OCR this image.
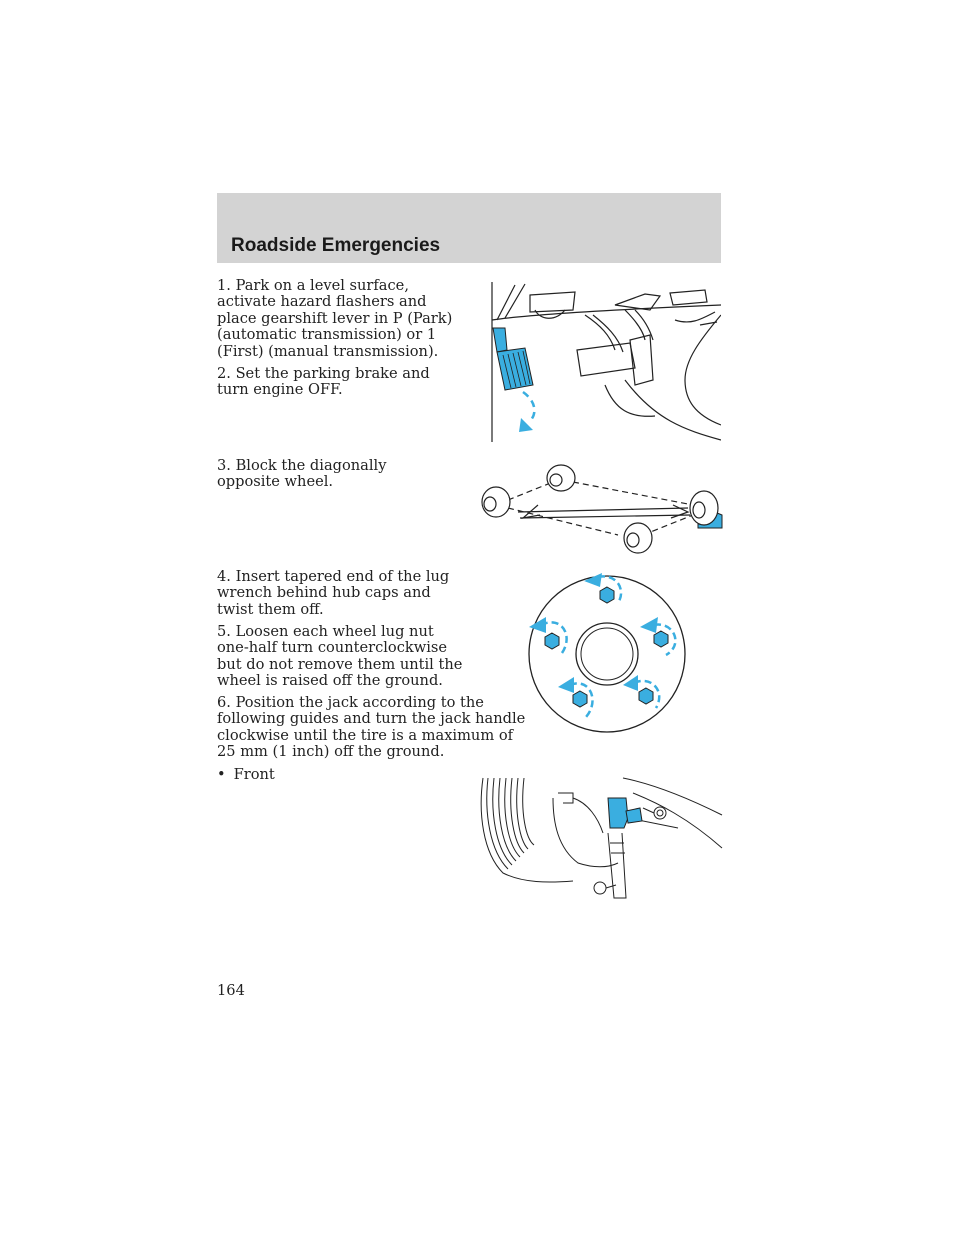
Roadside Emergencies

1. Park on a level surface, activate hazard flashers and place gearshift lever in P (Park) (automatic transmission) or 1 (First) (manual transmission).

2. Set the parking brake and turn engine OFF.

3. Block the diagonally opposite wheel.

4. Insert tapered end of the lug wrench behind hub caps and twist them off.

5. Loosen each wheel lug nut one-half turn counterclockwise but do not remove them until the wheel is raised off the ground.

6. Position the jack according to the following guides and turn the jack handle clockwise until the tire is a maximum of 25 mm (1 inch) off the ground.

• Front

164
